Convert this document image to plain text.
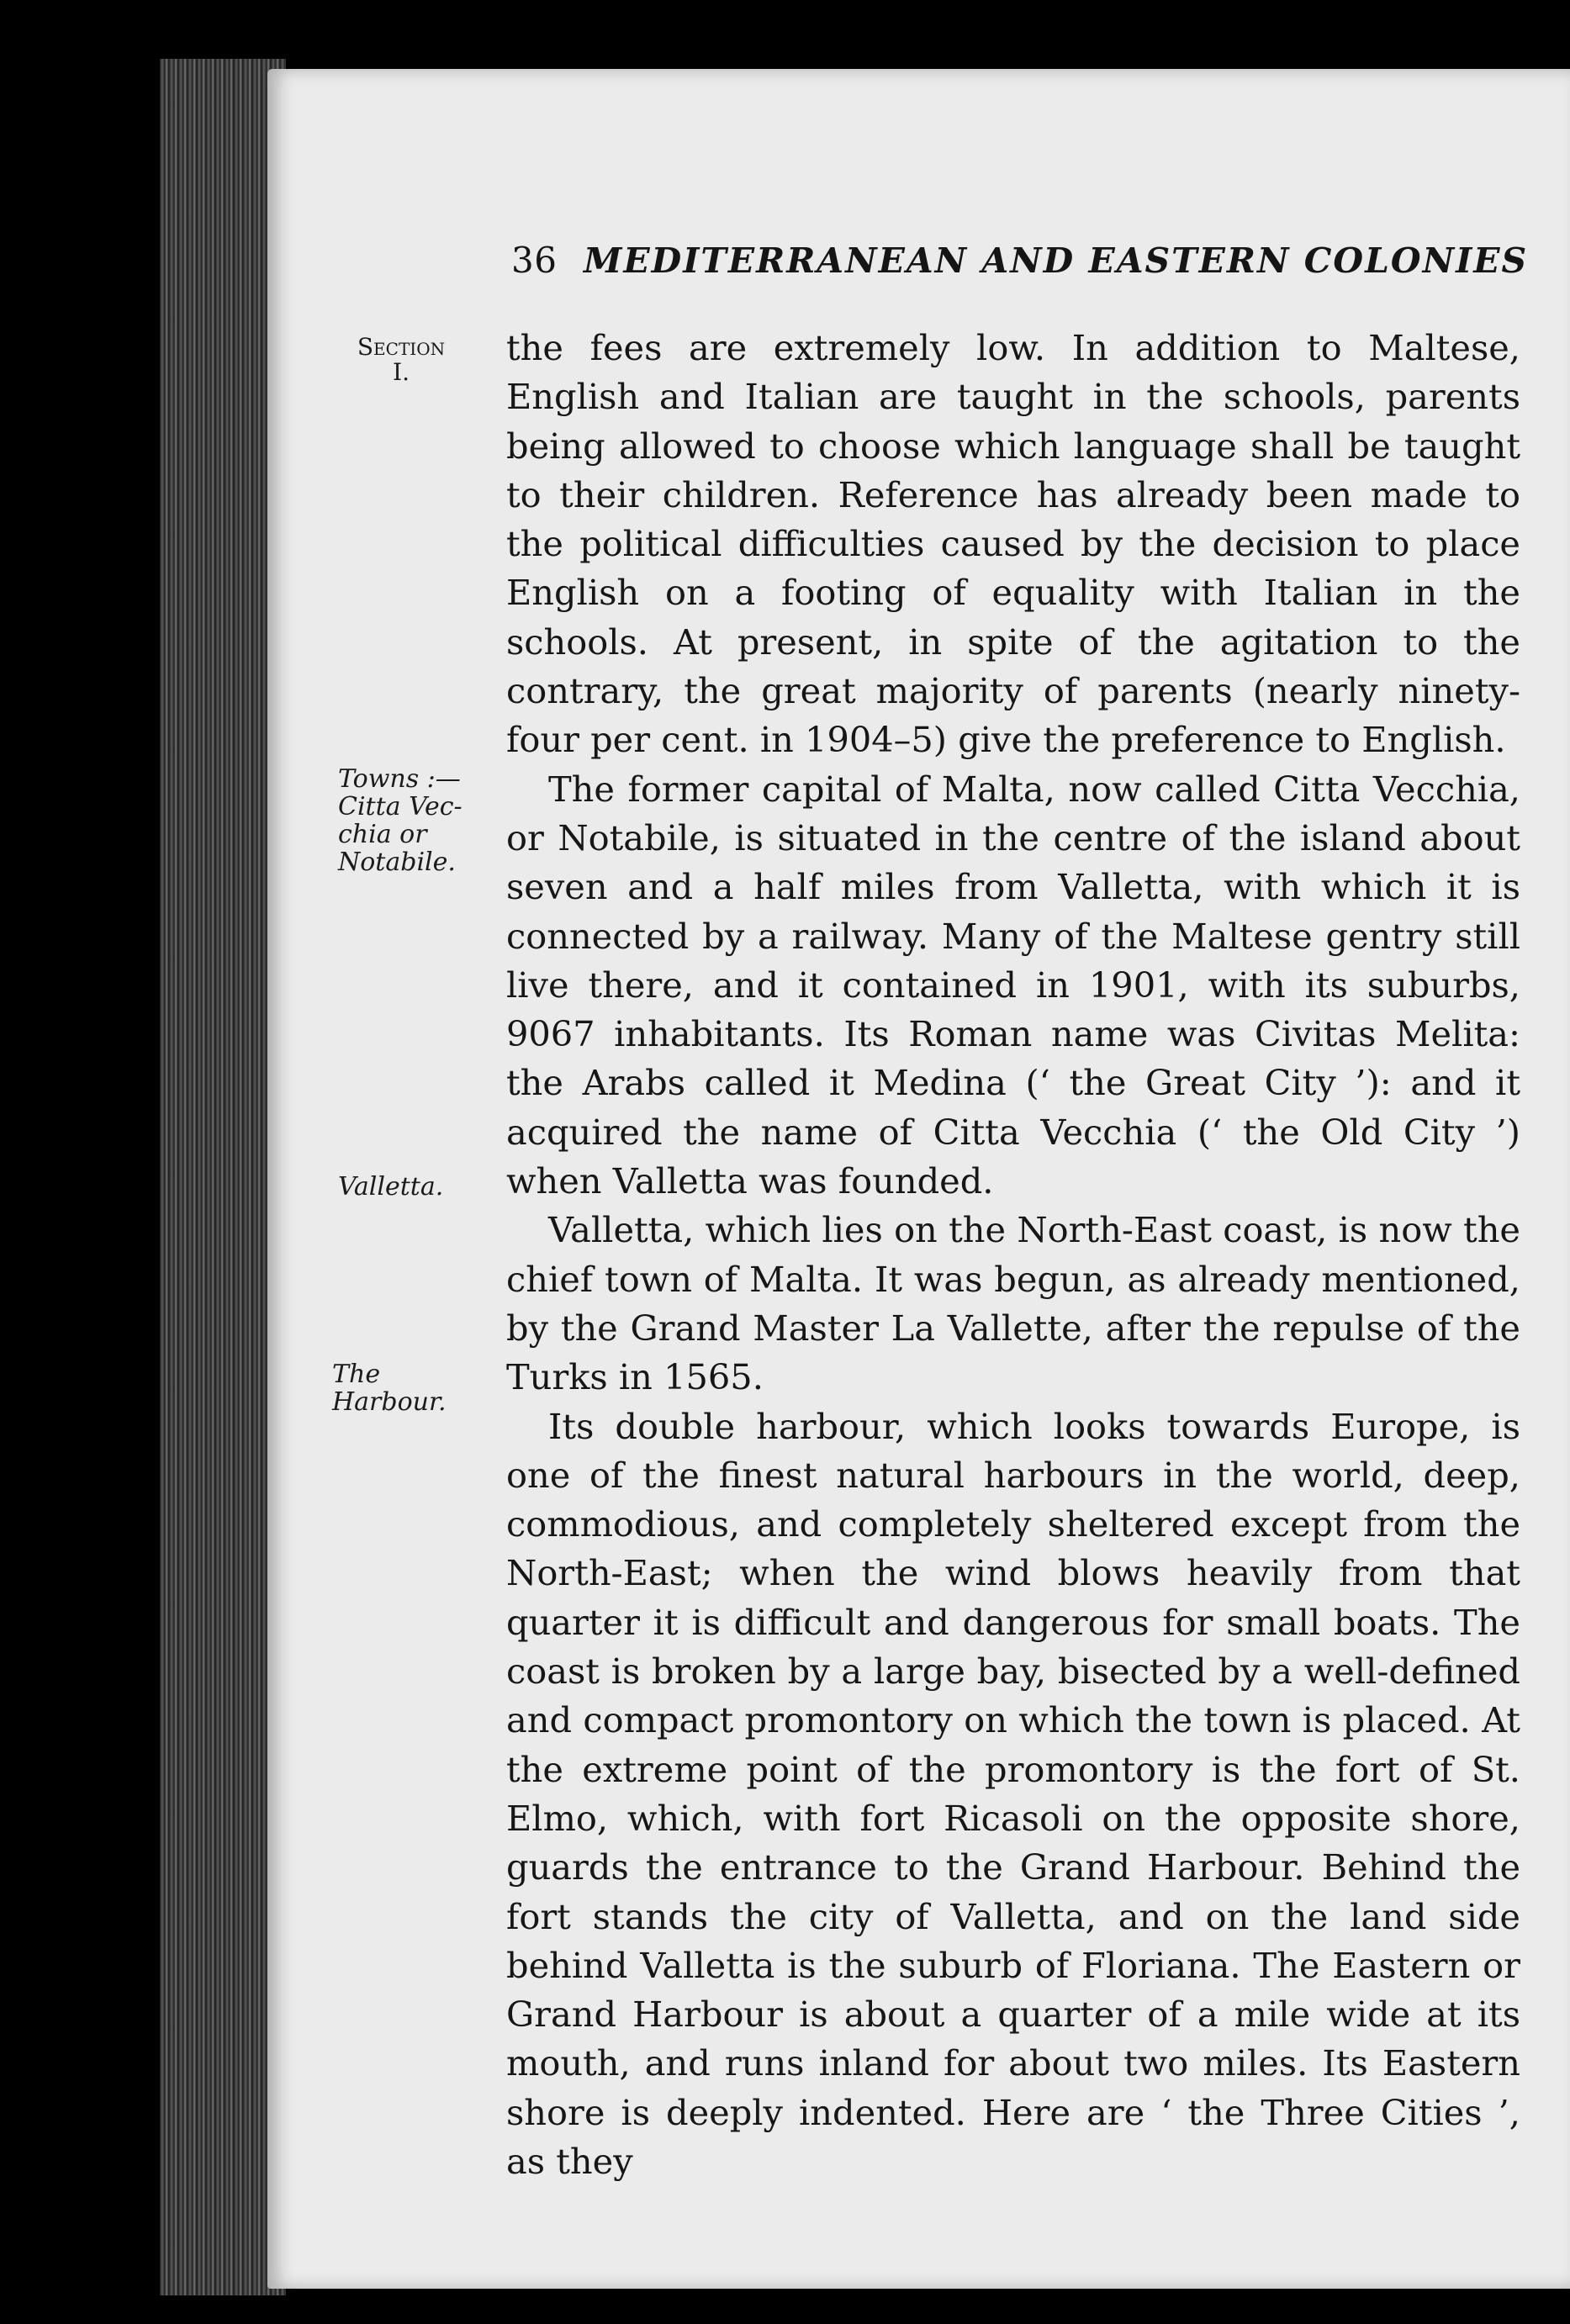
36 MEDITERRANEAN AND EASTERN COLONIES
Section
I.
Towns :—
Citta Vec-
chia or
Notabile.
Valletta.
The
Harbour.

the fees are extremely low. In addition to Maltese, English and Italian are taught in the schools, parents being allowed to choose which language shall be taught to their children. Reference has already been made to the political difficulties caused by the decision to place English on a footing of equality with Italian in the schools. At present, in spite of the agitation to the contrary, the great majority of parents (nearly ninety-four per cent. in 1904–5) give the preference to English.

The former capital of Malta, now called Citta Vecchia, or Notabile, is situated in the centre of the island about seven and a half miles from Valletta, with which it is connected by a railway. Many of the Maltese gentry still live there, and it contained in 1901, with its suburbs, 9067 inhabitants. Its Roman name was Civitas Melita: the Arabs called it Medina (‘ the Great City ’): and it acquired the name of Citta Vecchia (‘ the Old City ’) when Valletta was founded.

Valletta, which lies on the North-East coast, is now the chief town of Malta. It was begun, as already mentioned, by the Grand Master La Vallette, after the repulse of the Turks in 1565.

Its double harbour, which looks towards Europe, is one of the finest natural harbours in the world, deep, commodious, and completely sheltered except from the North-East; when the wind blows heavily from that quarter it is difficult and dangerous for small boats. The coast is broken by a large bay, bisected by a well-defined and compact promontory on which the town is placed. At the extreme point of the promontory is the fort of St. Elmo, which, with fort Ricasoli on the opposite shore, guards the entrance to the Grand Harbour. Behind the fort stands the city of Valletta, and on the land side behind Valletta is the suburb of Floriana. The Eastern or Grand Harbour is about a quarter of a mile wide at its mouth, and runs inland for about two miles. Its Eastern shore is deeply indented. Here are ‘ the Three Cities ’, as they
